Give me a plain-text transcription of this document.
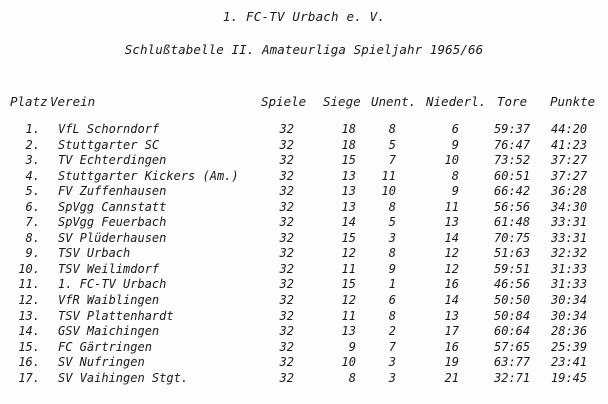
1. FC-TV Urbach e. V.
Schlußtabelle II. Amateurliga Spieljahr 1965/66
Platz Verein	Spiele Siege Unent. Niederl. Tore Punkte
1. VfL Schorndorf	32	18	8	6	59:37 44:20
2. Stuttgarter SC	32	18	5	9	76:47 41:23
3. TV Echterdingen	32	15	7	10	73:52 37:27
4. Stuttgarter Kickers (Am.)	32	13	11	8	60:51 37:27
5. FV Zuffenhausen	32	13	10	9	66:42 36:28
6. SpVgg Cannstatt	32	13	8	11	56:56 34:30
7. SpVgg Feuerbach	32	14	5	13	61:48 33:31
8. SV Plüderhausen	32	15	3	14	70:75 33:31
9. TSV Urbach	32	12	8	12	51:63 32:32
10. TSV Weilimdorf	32	11	9	12	59:51 31:33
11. 1. FC-TV Urbach	32	15	1	16	46:56 31:33
12. VfR Waiblingen	32	12	6	14	50:50 30:34
13. TSV Plattenhardt	32	11	8	13	50:84 30:34
14. GSV Maichingen	32	13	2	17	60:64 28:36
15. FC Gärtringen	32	9	7	16	57:65 25:39
16. SV Nufringen	32	10	3	19	63:77 23:41
17. SV Vaihingen Stgt.	32	8	3	21	32:71 19:45
